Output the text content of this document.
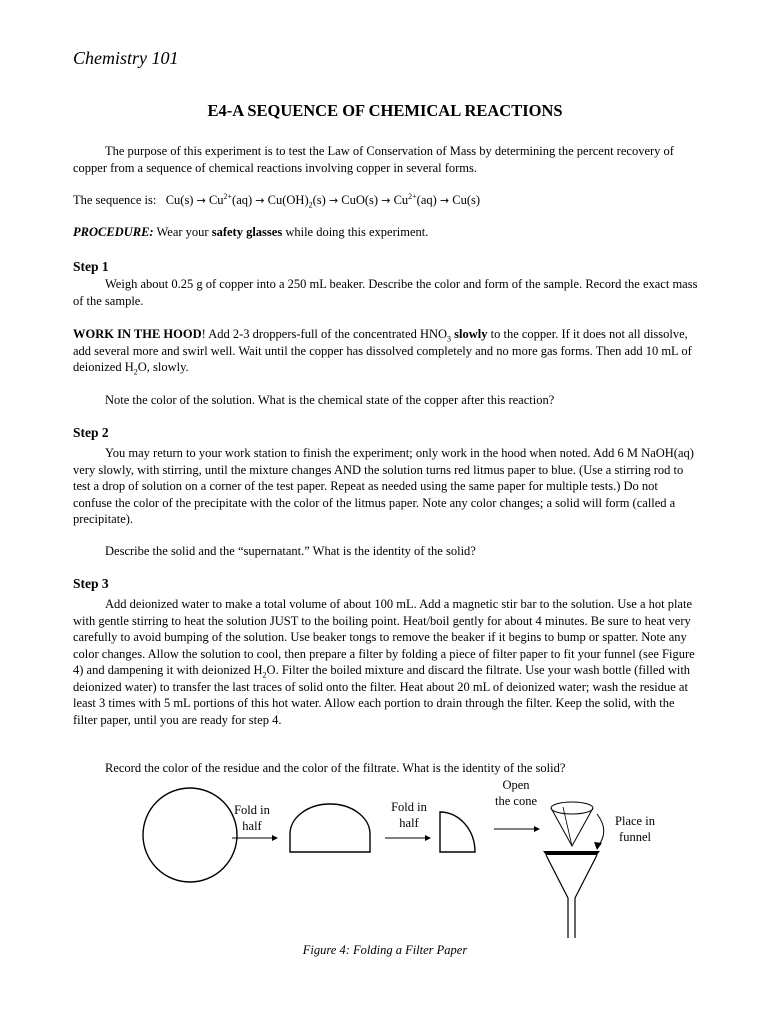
Chemistry 101
E4-A SEQUENCE OF CHEMICAL REACTIONS

The purpose of this experiment is to test the Law of Conservation of Mass by determining the percent recovery of copper from a sequence of chemical reactions involving copper in several forms.

The sequence is: $Cu(s) \to Cu^{2+}(aq) \to Cu(OH)_2(s) \to CuO(s) \to Cu^{2+}(aq) \to Cu(s)$

PROCEDURE: Wear your safety glasses while doing this experiment.

Step 1

Weigh about 0.25 g of copper into a 250 mL beaker. Describe the color and form of the sample. Record the exact mass of the sample.

WORK IN THE HOOD! Add 2-3 droppers-full of the concentrated $HNO_3$ slowly to the copper. If it does not all dissolve, add several more and swirl well. Wait until the copper has dissolved completely and no more gas forms. Then add 10 mL of deionized $H_2O$, slowly.

Note the color of the solution. What is the chemical state of the copper after this reaction?

Step 2

You may return to your work station to finish the experiment; only work in the hood when noted. Add 6 M NaOH(aq) very slowly, with stirring, until the mixture changes AND the solution turns red litmus paper to blue. (Use a stirring rod to test a drop of solution on a corner of the test paper. Repeat as needed using the same paper for multiple tests.) Do not confuse the color of the precipitate with the color of the litmus paper. Note any color changes; a solid will form (called a precipitate).

Describe the solid and the “supernatant.” What is the identity of the solid?

Step 3

Add deionized water to make a total volume of about 100 mL. Add a magnetic stir bar to the solution. Use a hot plate with gentle stirring to heat the solution JUST to the boiling point. Heat/boil gently for about 4 minutes. Be sure to heat very carefully to avoid bumping of the solution. Use beaker tongs to remove the beaker if it begins to bump or spatter. Note any color changes. Allow the solution to cool, then prepare a filter by folding a piece of filter paper to fit your funnel (see Figure 4) and dampening it with deionized $H_2O$. Filter the boiled mixture and discard the filtrate. Use your wash bottle (filled with deionized water) to transfer the last traces of solid onto the filter. Heat about 20 mL of deionized water; wash the residue at least 3 times with 5 mL portions of this hot water. Allow each portion to drain through the filter. Keep the solid, with the filter paper, until you are ready for step 4.

Record the color of the residue and the color of the filtrate. What is the identity of the solid?

Fold in half
Fold in half
Open the cone
Place in funnel
Figure 4: Folding a Filter Paper
